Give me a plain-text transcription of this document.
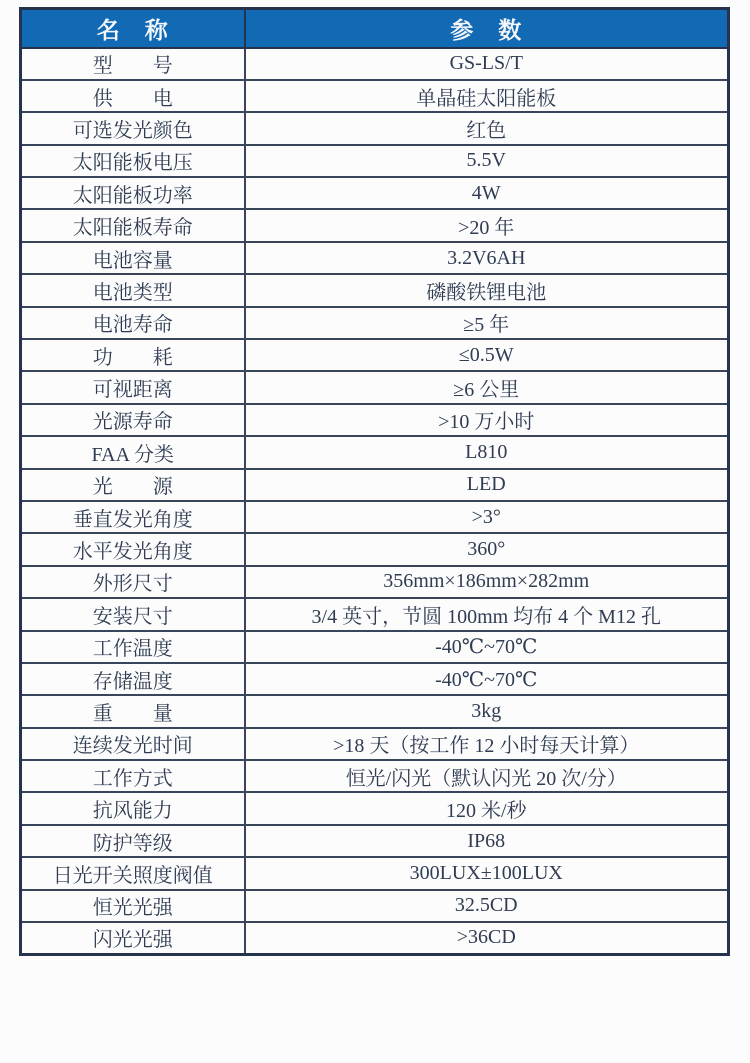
名　称	参　数
型　　号	GS-LS/T
供　　电	单晶硅太阳能板
可选发光颜色	红色
太阳能板电压	5.5V
太阳能板功率	4W
太阳能板寿命	>20 年
电池容量	3.2V6AH
电池类型	磷酸铁锂电池
电池寿命	≥5 年
功　　耗	≤0.5W
可视距离	≥6 公里
光源寿命	>10 万小时
FAA 分类	L810
光　　源	LED
垂直发光角度	>3°
水平发光角度	360°
外形尺寸	356mm×186mm×282mm
安装尺寸	3/4 英寸，节圆 100mm 均布 4 个 M12 孔
工作温度	-40℃~70℃
存储温度	-40℃~70℃
重　　量	3kg
连续发光时间	>18 天（按工作 12 小时每天计算）
工作方式	恒光/闪光（默认闪光 20 次/分）
抗风能力	120 米/秒
防护等级	IP68
日光开关照度阀值	300LUX±100LUX
恒光光强	32.5CD
闪光光强	>36CD
